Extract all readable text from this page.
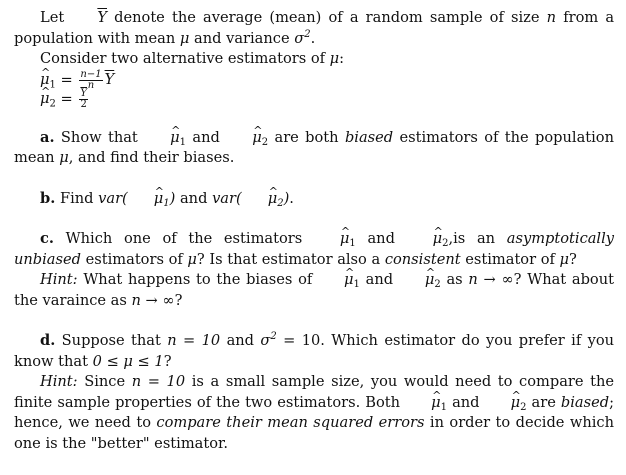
Let $\overline{Y}$ denote the average (mean) of a random sample of size n from a population with mean μ and variance $\sigma^2$.

Consider two alternative estimators of μ:

^ $\mu_1 = \frac{n-1}{n} \overline{Y}$
^ $\mu_2 = \frac{\overline{Y}}{2}$

a. Show that ^ $\mu_1$ and ^ $\mu_2$ are both biased estimators of the population mean μ, and find their biases.

b. Find var( ^ $\mu_1$) and var( ^ $\mu_2$).

c. Which one of the estimators	^ $\mu_1$ and	^ $\mu_2,is$ an asymptotically unbiased estimators of μ? Is that estimator also a consistent estimator of μ?

Hint: What happens to the biases of ^ $\mu_1$ and ^ $\mu_2$ as n → ∞? What about the varaince as n → ∞?

d. Suppose that n = 10 and $\sigma^2 = 10$. Which estimator do you prefer if you know that 0 ≤ μ ≤ 1?

Hint: Since n = 10 is a small sample size, you would need to compare the finite sample properties of the two estimators. Both ^ $\mu_1$ and ^ $\mu_2$ are biased; hence, we need to compare their mean squared errors in order to decide which one is the "better" estimator.
